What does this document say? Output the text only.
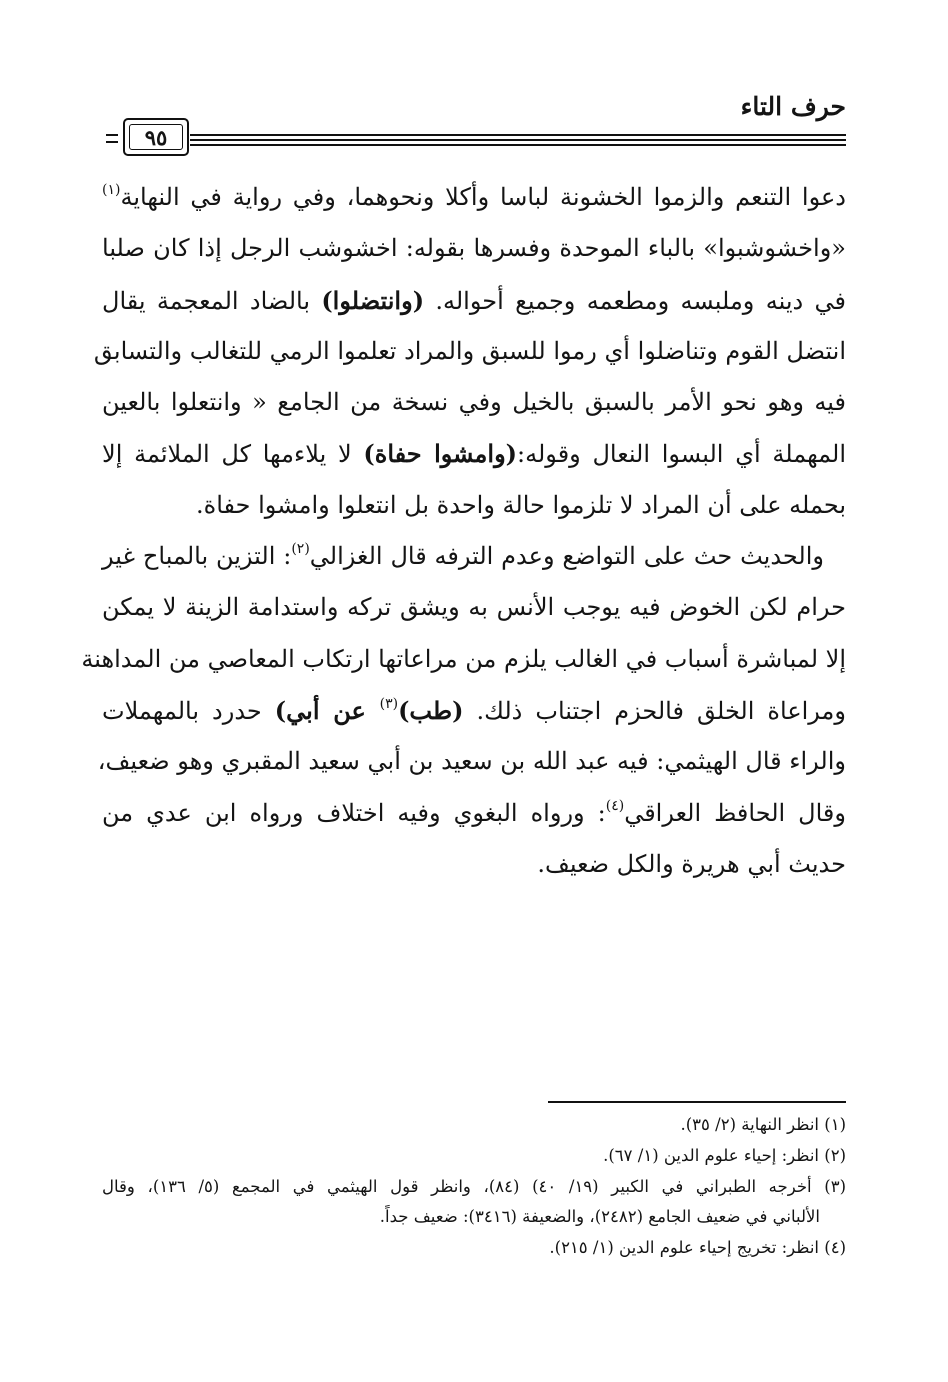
حرف التاء
٩٥
دعوا التنعم والزموا الخشونة لباسا وأكلا ونحوهما، وفي رواية في النهاية$^{(١)}$
«واخشوشبوا» بالباء الموحدة وفسرها بقوله: اخشوشب الرجل إذا كان صلبا
في دينه وملبسه ومطعمه وجميع أحواله. (وانتضلوا) بالضاد المعجمة يقال
انتضل القوم وتناضلوا أي رموا للسبق والمراد تعلموا الرمي للتغالب والتسابق
فيه وهو نحو الأمر بالسبق بالخيل وفي نسخة من الجامع « وانتعلوا بالعين
المهملة أي البسوا النعال وقوله:(وامشوا حفاة) لا يلاءمها كل الملائمة إلا
بحمله على أن المراد لا تلزموا حالة واحدة بل انتعلوا وامشوا حفاة.
والحديث حث على التواضع وعدم الترفه قال الغزالي$^{(٢)}$: التزين بالمباح غير
حرام لكن الخوض فيه يوجب الأنس به ويشق تركه واستدامة الزينة لا يمكن
إلا لمباشرة أسباب في الغالب يلزم من مراعاتها ارتكاب المعاصي من المداهنة
ومراعاة الخلق فالحزم اجتناب ذلك. (طب)$^{(٣)}$ عن أبي) حدرد بالمهملات
والراء قال الهيثمي: فيه عبد الله بن سعيد بن أبي سعيد المقبري وهو ضعيف،
وقال الحافظ العراقي$^{(٤)}$: ورواه البغوي وفيه اختلاف ورواه ابن عدي من
حديث أبي هريرة والكل ضعيف.
(١) انظر النهاية (٢/ ٣٥).
(٢) انظر: إحياء علوم الدين (١/ ٦٧).
(٣) أخرجه الطبراني في الكبير (١٩/ ٤٠) (٨٤)، وانظر قول الهيثمي في المجمع (٥/ ١٣٦)، وقال
الألباني في ضعيف الجامع (٢٤٨٢)، والضعيفة (٣٤١٦): ضعيف جداً.
(٤) انظر: تخريج إحياء علوم الدين (١/ ٢١٥).
